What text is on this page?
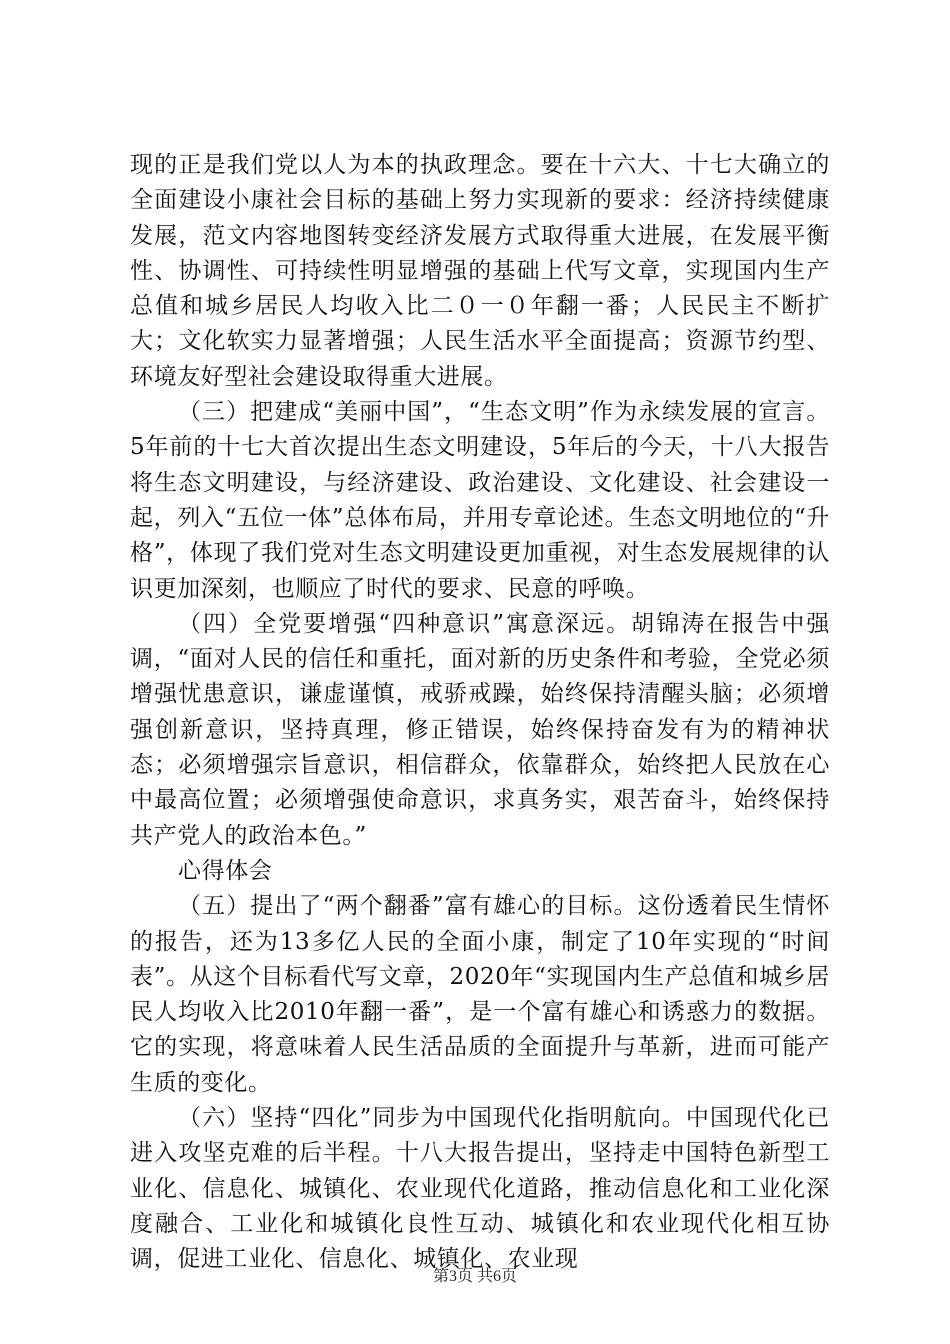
现的正是我们党以人为本的执政理念。要在十六大、十七大确立的全面建设小康社会目标的基础上努力实现新的要求：经济持续健康发展，范文内容地图转变经济发展方式取得重大进展，在发展平衡性、协调性、可持续性明显增强的基础上代写文章，实现国内生产总值和城乡居民人均收入比二０一０年翻一番；人民民主不断扩大；文化软实力显著增强；人民生活水平全面提高；资源节约型、环境友好型社会建设取得重大进展。

（三）把建成“美丽中国”，“生态文明”作为永续发展的宣言。5年前的十七大首次提出生态文明建设，5年后的今天，十八大报告将生态文明建设，与经济建设、政治建设、文化建设、社会建设一起，列入“五位一体”总体布局，并用专章论述。生态文明地位的“升格”，体现了我们党对生态文明建设更加重视，对生态发展规律的认识更加深刻，也顺应了时代的要求、民意的呼唤。

（四）全党要增强“四种意识”寓意深远。胡锦涛在报告中强调，“面对人民的信任和重托，面对新的历史条件和考验，全党必须增强忧患意识，谦虚谨慎，戒骄戒躁，始终保持清醒头脑；必须增强创新意识，坚持真理，修正错误，始终保持奋发有为的精神状态；必须增强宗旨意识，相信群众，依靠群众，始终把人民放在心中最高位置；必须增强使命意识，求真务实，艰苦奋斗，始终保持共产党人的政治本色。”

心得体会

（五）提出了“两个翻番”富有雄心的目标。这份透着民生情怀的报告，还为13多亿人民的全面小康，制定了10年实现的“时间表”。从这个目标看代写文章，2020年“实现国内生产总值和城乡居民人均收入比2010年翻一番”，是一个富有雄心和诱惑力的数据。它的实现，将意味着人民生活品质的全面提升与革新，进而可能产生质的变化。

（六）坚持“四化”同步为中国现代化指明航向。中国现代化已进入攻坚克难的后半程。十八大报告提出，坚持走中国特色新型工业化、信息化、城镇化、农业现代化道路，推动信息化和工业化深度融合、工业化和城镇化良性互动、城镇化和农业现代化相互协调，促进工业化、信息化、城镇化、农业现

第3页 共6页
